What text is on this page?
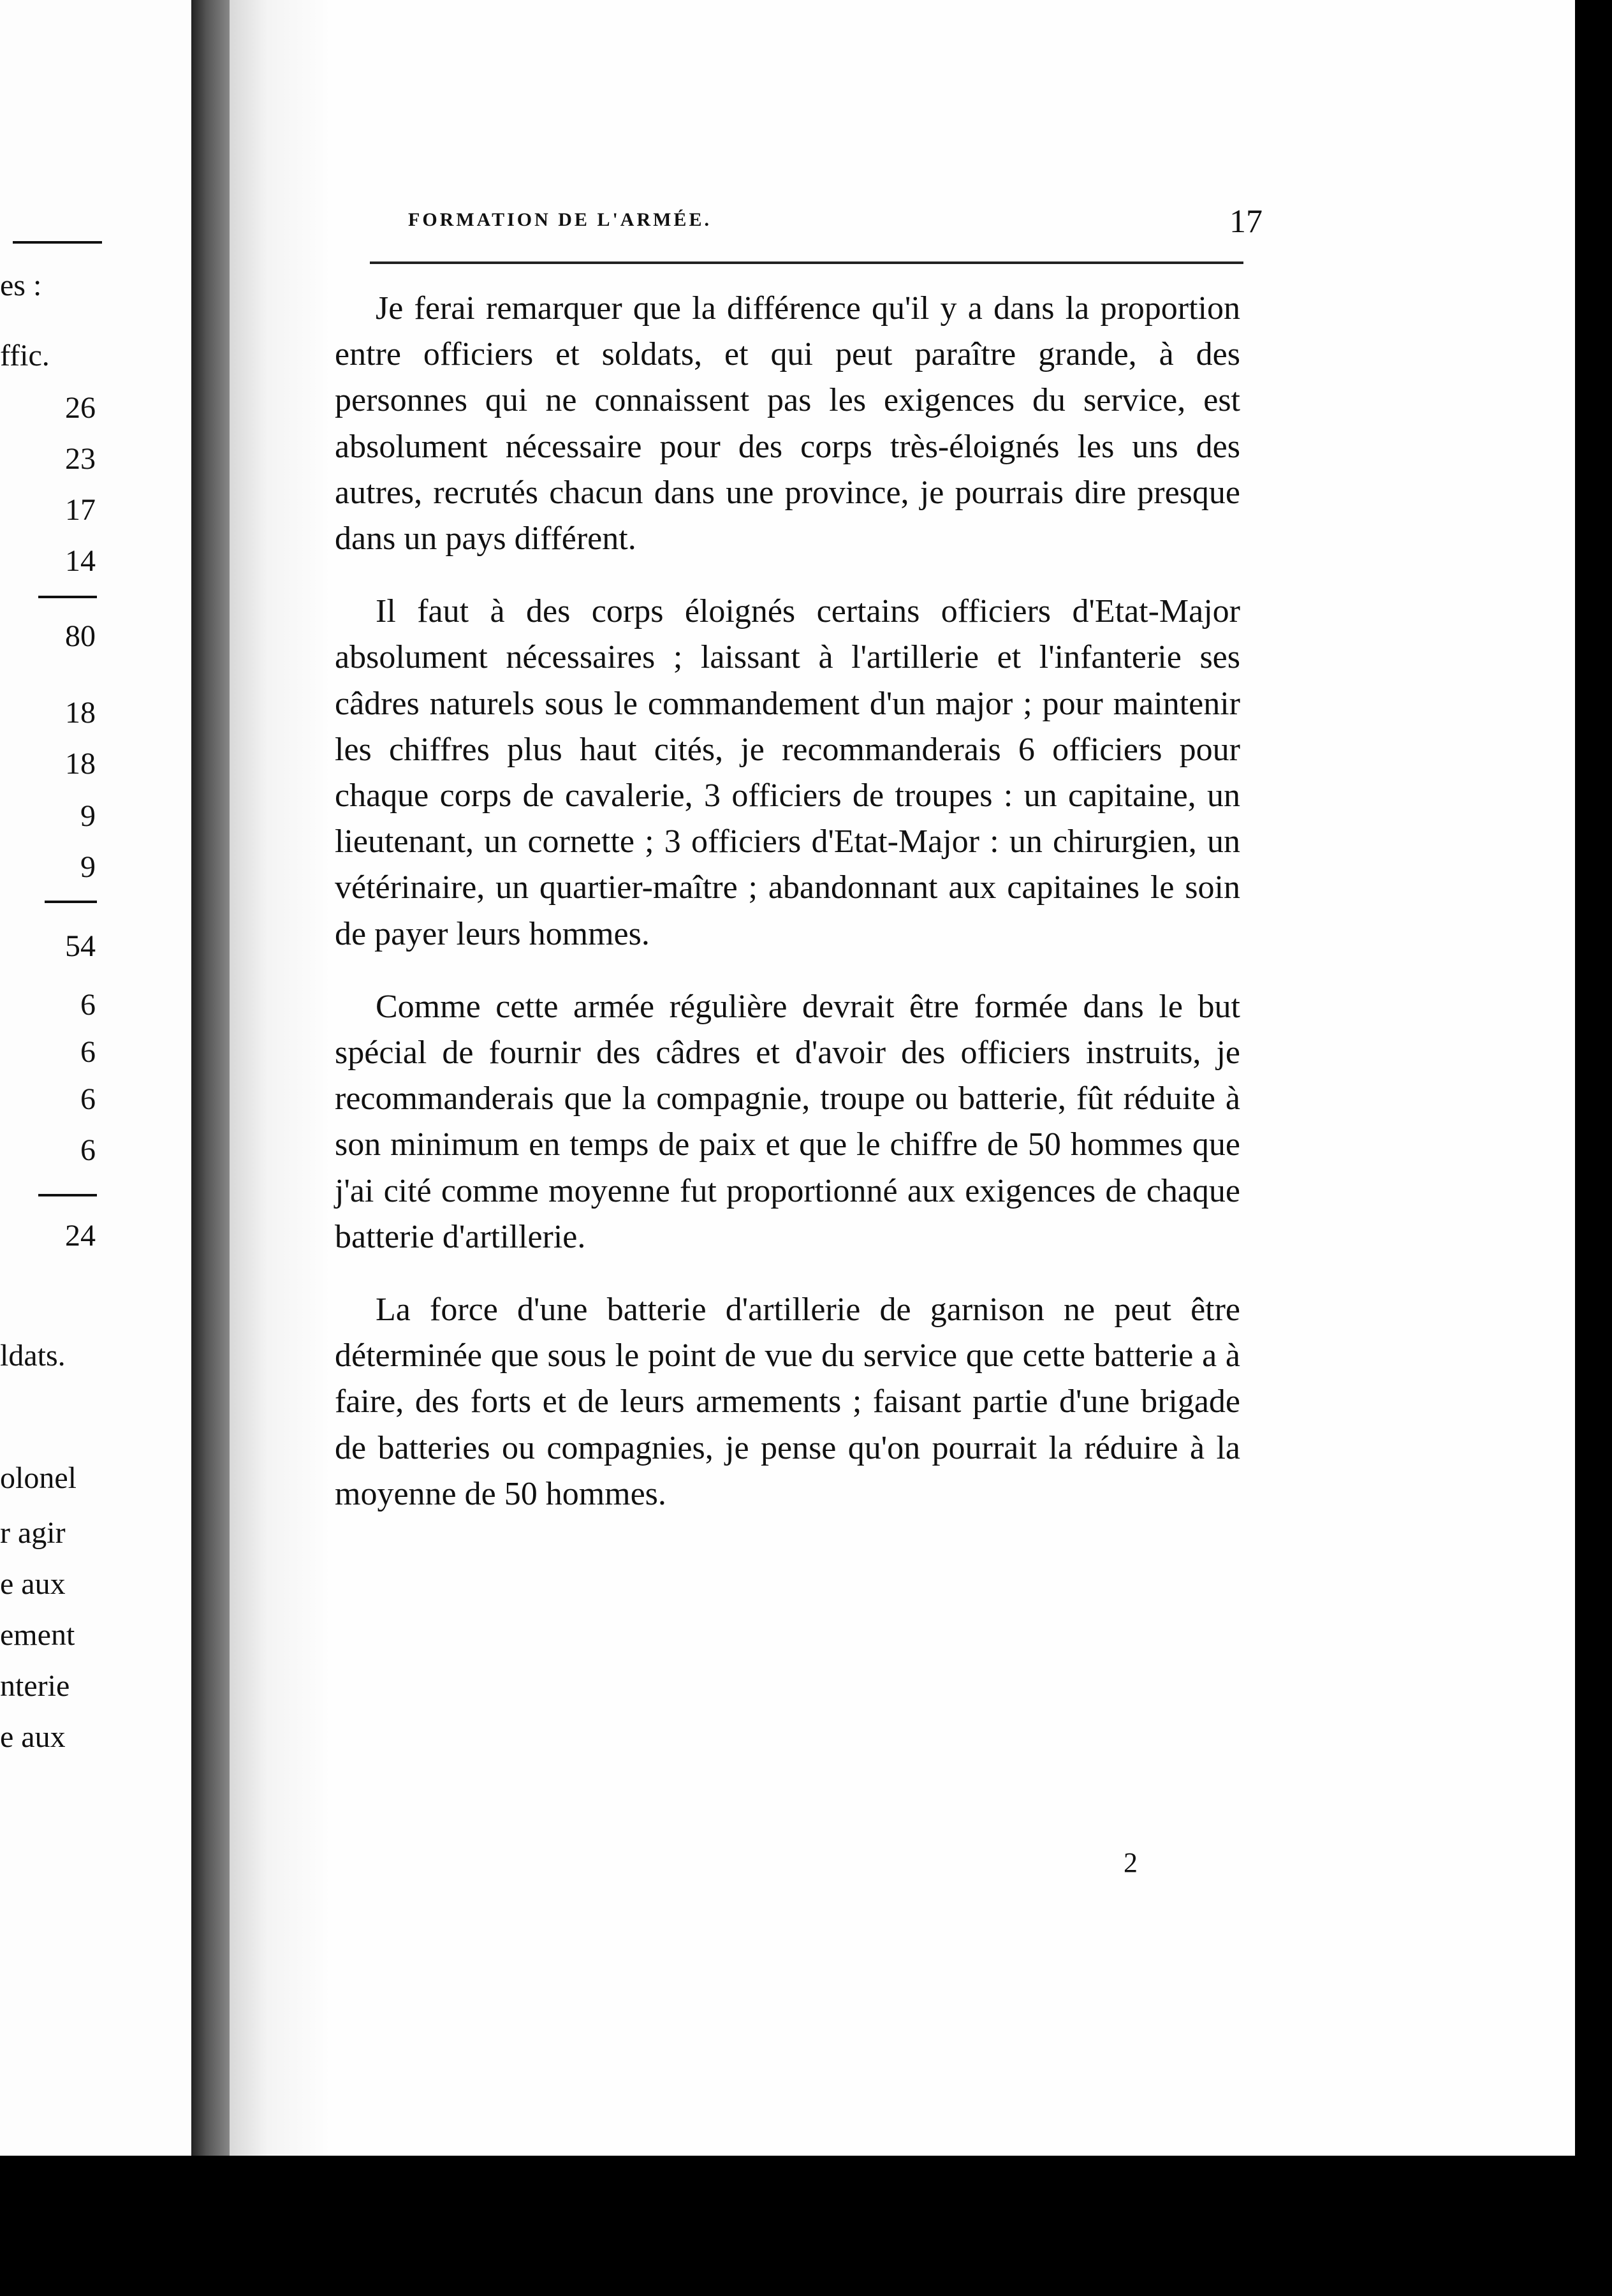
es :
ffic.
26
23
17
14
80
18
18
9
9
54
6
6
6
6
24
ldats.
olonel
r agir
e aux
ement
nterie
e aux
FORMATION DE L'ARMÉE.	17

Je ferai remarquer que la différence qu'il y a dans la proportion entre officiers et soldats, et qui peut paraître grande, à des personnes qui ne connaissent pas les exigences du service, est absolument nécessaire pour des corps très-éloignés les uns des autres, recrutés chacun dans une province, je pourrais dire presque dans un pays différent.

Il faut à des corps éloignés certains officiers d'Etat-Major absolument nécessaires ; laissant à l'artillerie et l'infanterie ses câdres naturels sous le commandement d'un major ; pour maintenir les chiffres plus haut cités, je recommanderais 6 officiers pour chaque corps de cavalerie, 3 officiers de troupes : un capitaine, un lieutenant, un cornette ; 3 officiers d'Etat-Major : un chirurgien, un vétérinaire, un quartier-maître ; abandonnant aux capitaines le soin de payer leurs hommes.

Comme cette armée régulière devrait être formée dans le but spécial de fournir des câdres et d'avoir des officiers instruits, je recommanderais que la compagnie, troupe ou batterie, fût réduite à son minimum en temps de paix et que le chiffre de 50 hommes que j'ai cité comme moyenne fut proportionné aux exigences de chaque batterie d'artillerie.

La force d'une batterie d'artillerie de garnison ne peut être déterminée que sous le point de vue du service que cette batterie a à faire, des forts et de leurs armements ; faisant partie d'une brigade de batteries ou compagnies, je pense qu'on pourrait la réduire à la moyenne de 50 hommes.

2
